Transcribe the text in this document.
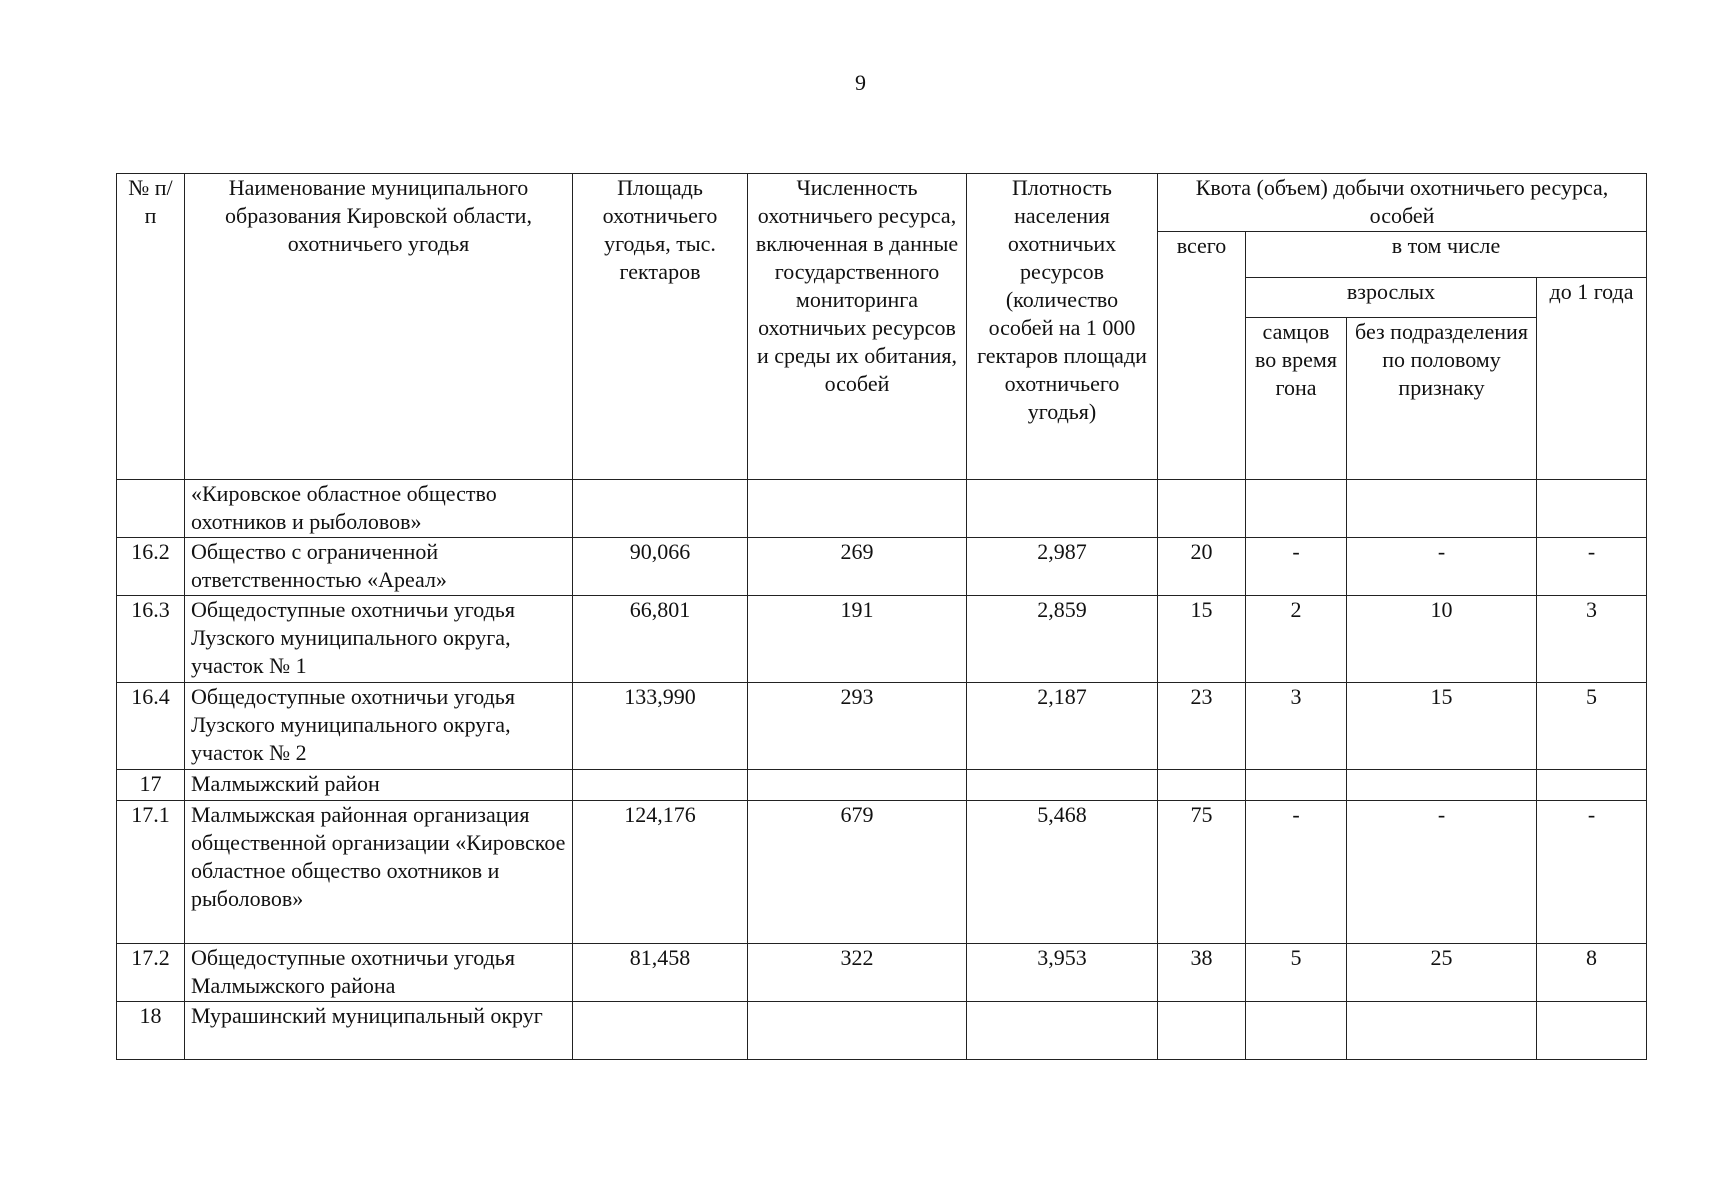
9
№ п/п	Наименование муниципального образования Кировской области, охотничьего угодья	Площадь охотничьего угодья, тыс. гектаров	Численность охотничьего ресурса, включенная в данные государственного мониторинга охотничьих ресурсов и среды их обитания, особей	Плотность населения охотничьих ресурсов (количество особей на 1 000 гектаров площади охотничьего угодья)	Квота (объем) добычи охотничьего ресурса, особей			
					всего	в том числе		
						взрослых		до 1 года
						самцов во время гона	без подразделения по половому признаку	
	«Кировское областное общество охотников и рыболовов»							
16.2	Общество с ограниченной ответственностью «Ареал»	90,066	269	2,987	20	-	-	-
16.3	Общедоступные охотничьи угодья Лузского муниципального округа, участок № 1	66,801	191	2,859	15	2	10	3
16.4	Общедоступные охотничьи угодья Лузского муниципального округа, участок № 2	133,990	293	2,187	23	3	15	5
17	Малмыжский район							
17.1	Малмыжская районная организация общественной организации «Кировское областное общество охотников и рыболовов»	124,176	679	5,468	75	-	-	-
17.2	Общедоступные охотничьи угодья Малмыжского района	81,458	322	3,953	38	5	25	8
18	Мурашинский муниципальный округ							
